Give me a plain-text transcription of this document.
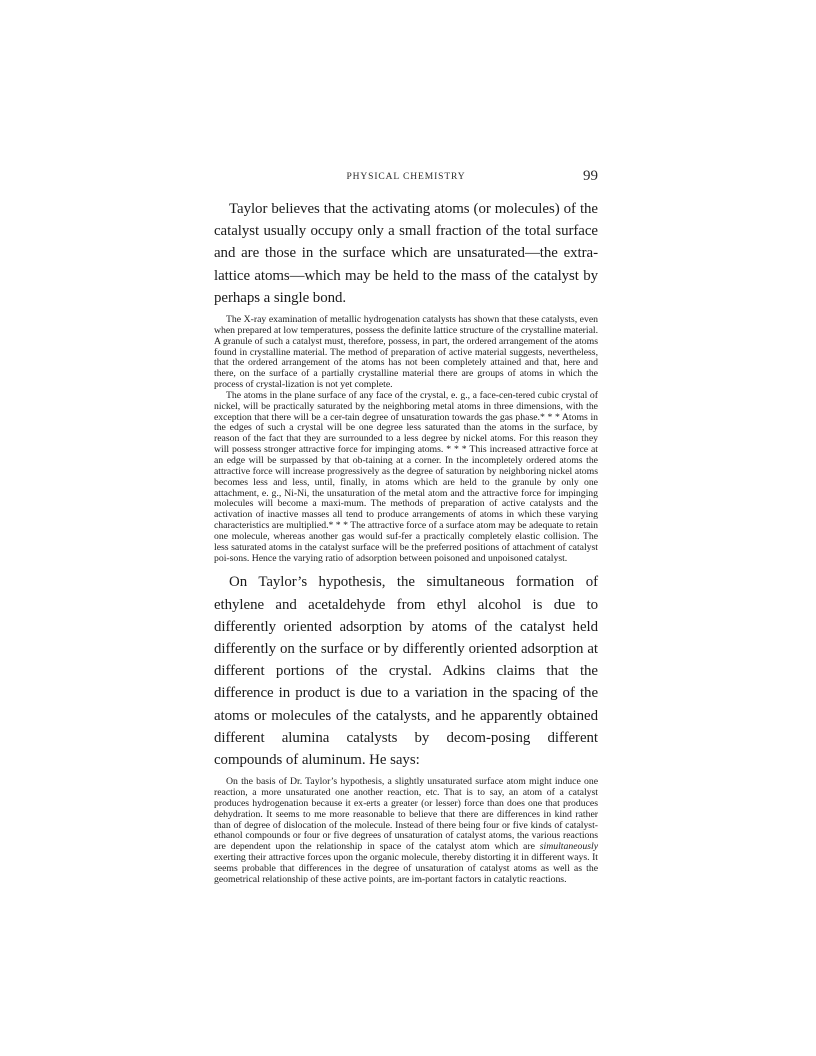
PHYSICAL CHEMISTRY	99

Taylor believes that the activating atoms (or molecules) of the catalyst usually occupy only a small fraction of the total surface and are those in the surface which are unsaturated—the extra-lattice atoms—which may be held to the mass of the catalyst by perhaps a single bond.

The X-ray examination of metallic hydrogenation catalysts has shown that these catalysts, even when prepared at low temperatures, possess the definite lattice structure of the crystalline material. A granule of such a catalyst must, therefore, possess, in part, the ordered arrangement of the atoms found in crystalline material. The method of preparation of active material suggests, nevertheless, that the ordered arrangement of the atoms has not been completely attained and that, here and there, on the surface of a partially crystalline material there are groups of atoms in which the process of crystal-lization is not yet complete.

The atoms in the plane surface of any face of the crystal, e. g., a face-cen-tered cubic crystal of nickel, will be practically saturated by the neighboring metal atoms in three dimensions, with the exception that there will be a cer-tain degree of unsaturation towards the gas phase.* * * Atoms in the edges of such a crystal will be one degree less saturated than the atoms in the surface, by reason of the fact that they are surrounded to a less degree by nickel atoms. For this reason they will possess stronger attractive force for impinging atoms. * * * This increased attractive force at an edge will be surpassed by that ob-taining at a corner. In the incompletely ordered atoms the attractive force will increase progressively as the degree of saturation by neighboring nickel atoms becomes less and less, until, finally, in atoms which are held to the granule by only one attachment, e. g., Ni-Ni, the unsaturation of the metal atom and the attractive force for impinging molecules will become a maxi-mum. The methods of preparation of active catalysts and the activation of inactive masses all tend to produce arrangements of atoms in which these varying characteristics are multiplied.* * * The attractive force of a surface atom may be adequate to retain one molecule, whereas another gas would suf-fer a practically completely elastic collision. The less saturated atoms in the catalyst surface will be the preferred positions of attachment of catalyst poi-sons. Hence the varying ratio of adsorption between poisoned and unpoisoned catalyst.

On Taylor’s hypothesis, the simultaneous formation of ethylene and acetaldehyde from ethyl alcohol is due to differently oriented adsorption by atoms of the catalyst held differently on the surface or by differently oriented adsorption at different portions of the crystal. Adkins claims that the difference in product is due to a variation in the spacing of the atoms or molecules of the catalysts, and he apparently obtained different alumina catalysts by decom-posing different compounds of aluminum. He says:

On the basis of Dr. Taylor’s hypothesis, a slightly unsaturated surface atom might induce one reaction, a more unsaturated one another reaction, etc. That is to say, an atom of a catalyst produces hydrogenation because it ex-erts a greater (or lesser) force than does one that produces dehydration. It seems to me more reasonable to believe that there are differences in kind rather than of degree of dislocation of the molecule. Instead of there being four or five kinds of catalyst-ethanol compounds or four or five degrees of unsaturation of catalyst atoms, the various reactions are dependent upon the relationship in space of the catalyst atom which are simultaneously exerting their attractive forces upon the organic molecule, thereby distorting it in different ways. It seems probable that differences in the degree of unsaturation of catalyst atoms as well as the geometrical relationship of these active points, are im-portant factors in catalytic reactions.
